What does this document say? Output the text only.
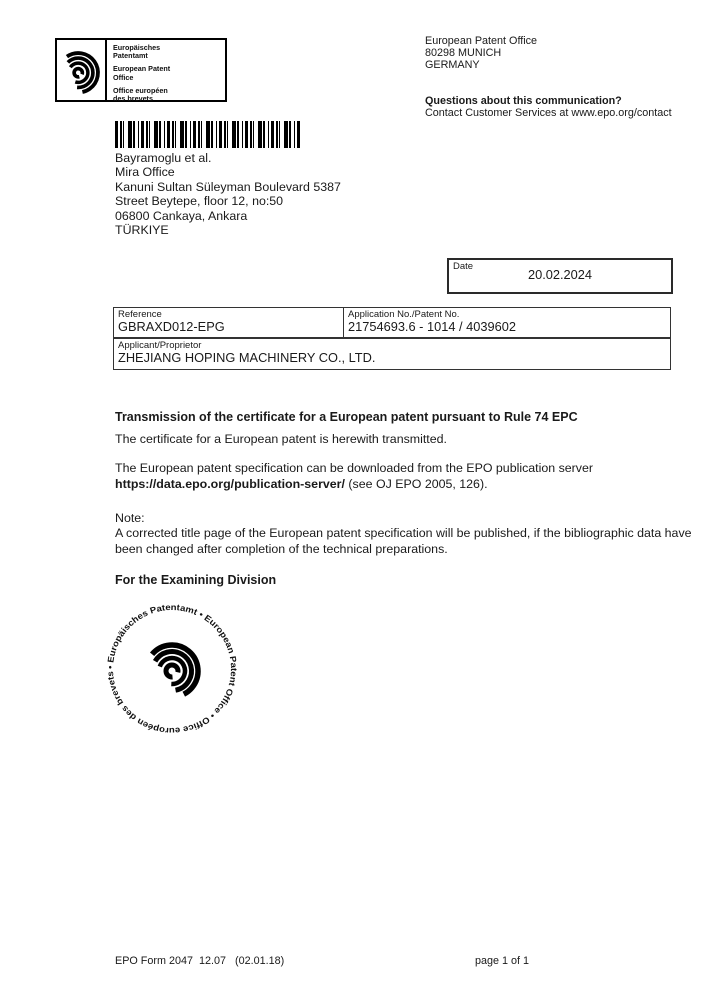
Europäisches Patentamt
European Patent Office
Office européen des brevets
European Patent Office
80298 MUNICH
GERMANY
Questions about this communication?
Contact Customer Services at www.epo.org/contact
Bayramoglu et al.
Mira Office
Kanuni Sultan Süleyman Boulevard 5387
Street Beytepe, floor 12, no:50
06800 Cankaya, Ankara
TÜRKIYE
Date
20.02.2024
Reference
GBRAXD012-EPG
Application No./Patent No.
21754693.6 - 1014 / 4039602
Applicant/Proprietor
ZHEJIANG HOPING MACHINERY CO., LTD.
Transmission of the certificate for a European patent pursuant to Rule 74 EPC
The certificate for a European patent is herewith transmitted.
The European patent specification can be downloaded from the EPO publication server
https://data.epo.org/publication-server/ (see OJ EPO 2005, 126).
Note:
A corrected title page of the European patent specification will be published, if the bibliographic data have been changed after completion of the technical preparations.
For the Examining Division
• Europäisches Patentamt • European Patent Office • Office européen des brevets
EPO Form 2047  12.07   (02.01.18)	page 1 of 1
